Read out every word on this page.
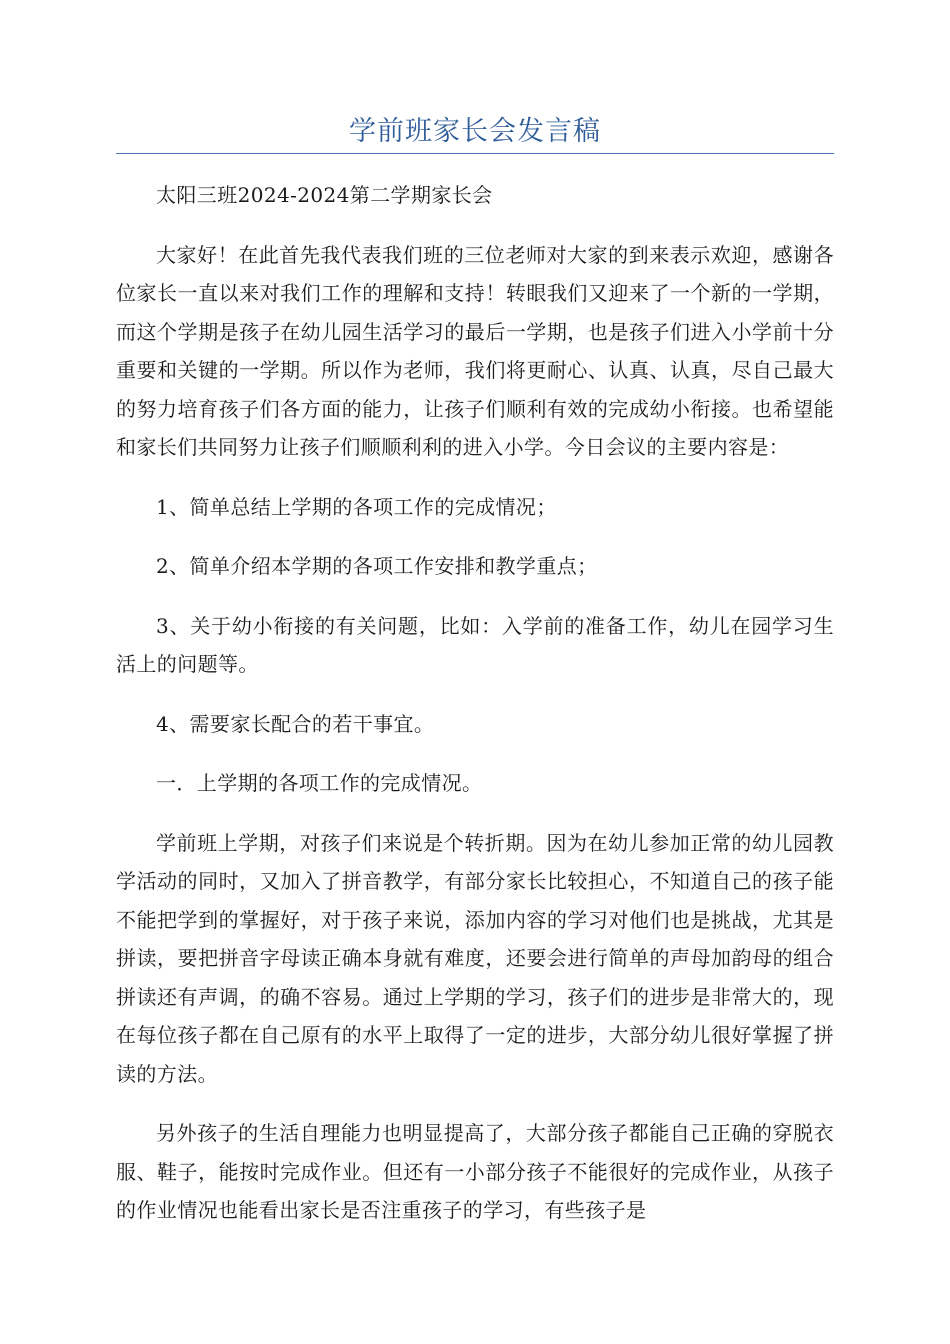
学前班家长会发言稿

太阳三班2024-2024第二学期家长会

大家好！在此首先我代表我们班的三位老师对大家的到来表示欢迎，感谢各位家长一直以来对我们工作的理解和支持！转眼我们又迎来了一个新的一学期，而这个学期是孩子在幼儿园生活学习的最后一学期，也是孩子们进入小学前十分重要和关键的一学期。所以作为老师，我们将更耐心、认真、认真，尽自己最大的努力培育孩子们各方面的能力，让孩子们顺利有效的完成幼小衔接。也希望能和家长们共同努力让孩子们顺顺利利的进入小学。今日会议的主要内容是：

1、简单总结上学期的各项工作的完成情况；

2、简单介绍本学期的各项工作安排和教学重点；

3、关于幼小衔接的有关问题，比如：入学前的准备工作，幼儿在园学习生活上的问题等。

4、需要家长配合的若干事宜。

一．上学期的各项工作的完成情况。

学前班上学期，对孩子们来说是个转折期。因为在幼儿参加正常的幼儿园教学活动的同时，又加入了拼音教学，有部分家长比较担心，不知道自己的孩子能不能把学到的掌握好，对于孩子来说，添加内容的学习对他们也是挑战，尤其是拼读，要把拼音字母读正确本身就有难度，还要会进行简单的声母加韵母的组合拼读还有声调，的确不容易。通过上学期的学习，孩子们的进步是非常大的，现在每位孩子都在自己原有的水平上取得了一定的进步，大部分幼儿很好掌握了拼读的方法。

另外孩子的生活自理能力也明显提高了，大部分孩子都能自己正确的穿脱衣服、鞋子，能按时完成作业。但还有一小部分孩子不能很好的完成作业，从孩子的作业情况也能看出家长是否注重孩子的学习，有些孩子是
